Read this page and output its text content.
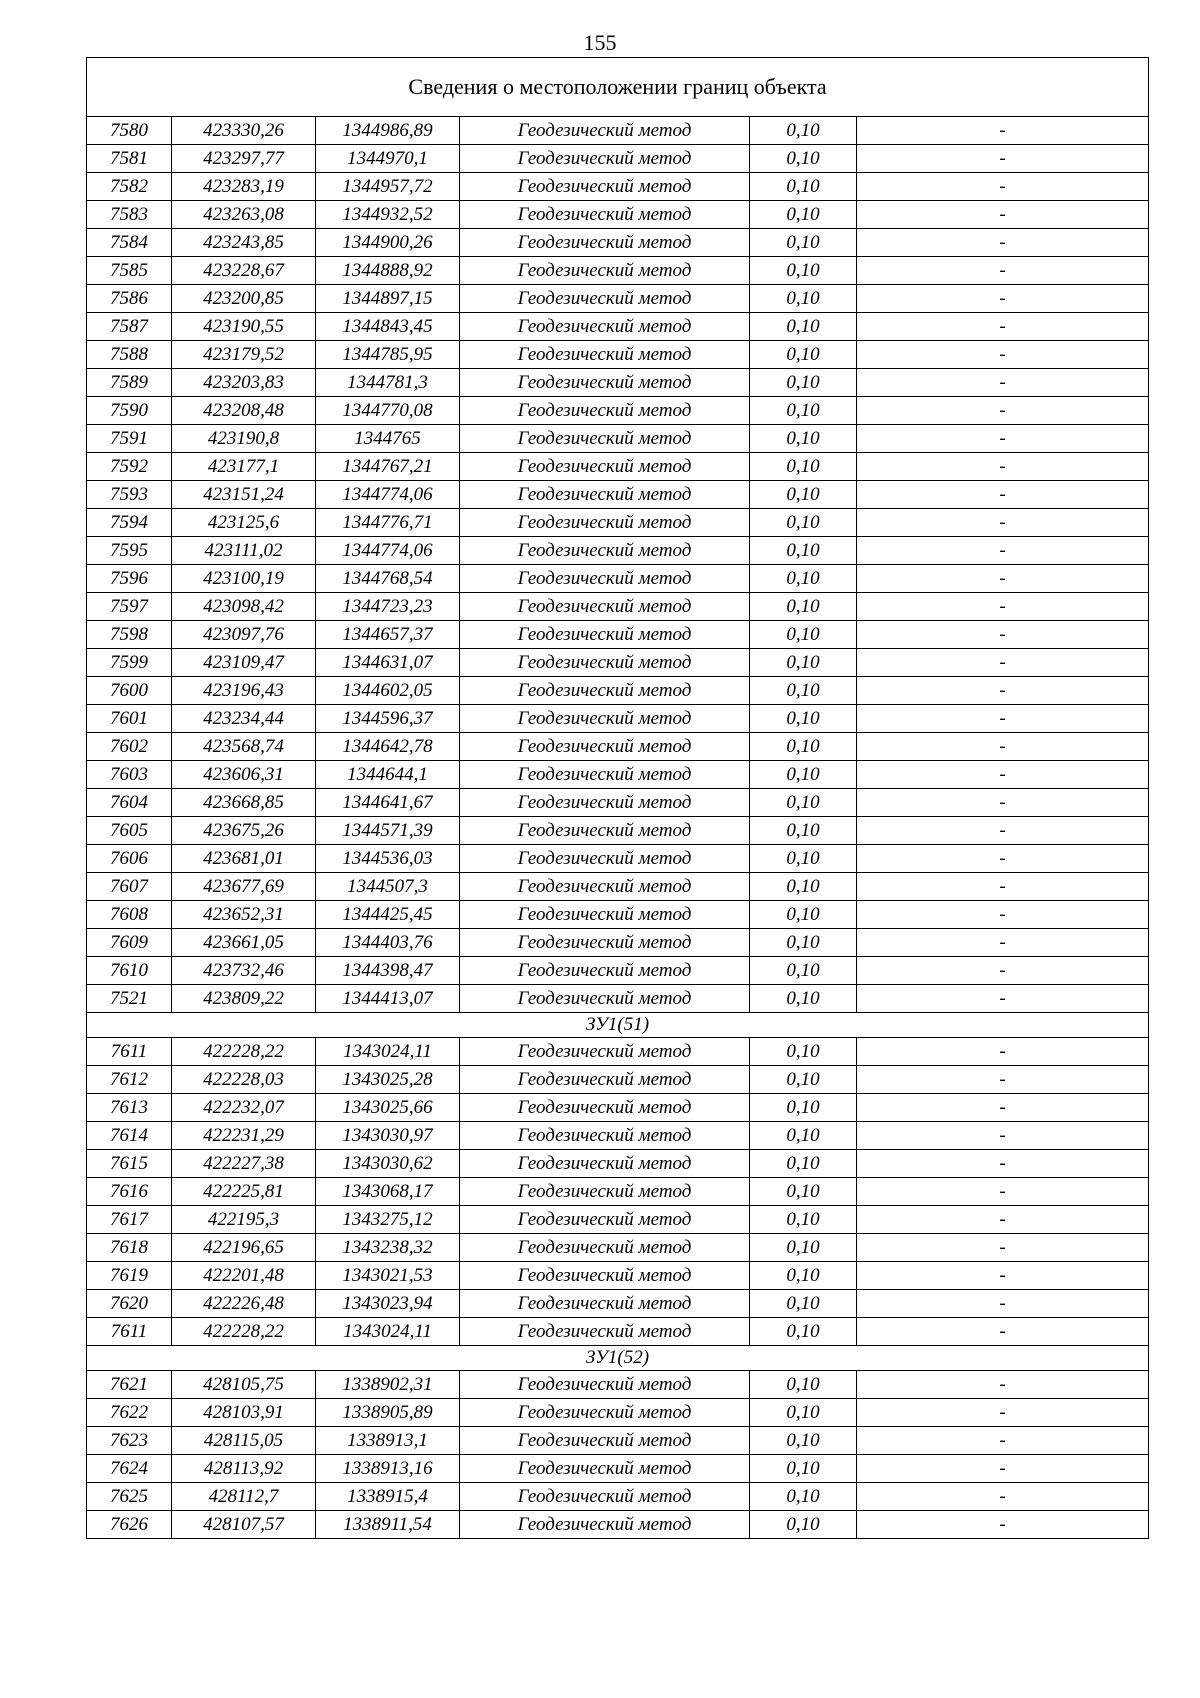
155
Сведения о местоположении границ объекта					
7580	423330,26	1344986,89	Геодезический метод	0,10	-
7581	423297,77	1344970,1	Геодезический метод	0,10	-
7582	423283,19	1344957,72	Геодезический метод	0,10	-
7583	423263,08	1344932,52	Геодезический метод	0,10	-
7584	423243,85	1344900,26	Геодезический метод	0,10	-
7585	423228,67	1344888,92	Геодезический метод	0,10	-
7586	423200,85	1344897,15	Геодезический метод	0,10	-
7587	423190,55	1344843,45	Геодезический метод	0,10	-
7588	423179,52	1344785,95	Геодезический метод	0,10	-
7589	423203,83	1344781,3	Геодезический метод	0,10	-
7590	423208,48	1344770,08	Геодезический метод	0,10	-
7591	423190,8	1344765	Геодезический метод	0,10	-
7592	423177,1	1344767,21	Геодезический метод	0,10	-
7593	423151,24	1344774,06	Геодезический метод	0,10	-
7594	423125,6	1344776,71	Геодезический метод	0,10	-
7595	423111,02	1344774,06	Геодезический метод	0,10	-
7596	423100,19	1344768,54	Геодезический метод	0,10	-
7597	423098,42	1344723,23	Геодезический метод	0,10	-
7598	423097,76	1344657,37	Геодезический метод	0,10	-
7599	423109,47	1344631,07	Геодезический метод	0,10	-
7600	423196,43	1344602,05	Геодезический метод	0,10	-
7601	423234,44	1344596,37	Геодезический метод	0,10	-
7602	423568,74	1344642,78	Геодезический метод	0,10	-
7603	423606,31	1344644,1	Геодезический метод	0,10	-
7604	423668,85	1344641,67	Геодезический метод	0,10	-
7605	423675,26	1344571,39	Геодезический метод	0,10	-
7606	423681,01	1344536,03	Геодезический метод	0,10	-
7607	423677,69	1344507,3	Геодезический метод	0,10	-
7608	423652,31	1344425,45	Геодезический метод	0,10	-
7609	423661,05	1344403,76	Геодезический метод	0,10	-
7610	423732,46	1344398,47	Геодезический метод	0,10	-
7521	423809,22	1344413,07	Геодезический метод	0,10	-
ЗУ1(51)					
7611	422228,22	1343024,11	Геодезический метод	0,10	-
7612	422228,03	1343025,28	Геодезический метод	0,10	-
7613	422232,07	1343025,66	Геодезический метод	0,10	-
7614	422231,29	1343030,97	Геодезический метод	0,10	-
7615	422227,38	1343030,62	Геодезический метод	0,10	-
7616	422225,81	1343068,17	Геодезический метод	0,10	-
7617	422195,3	1343275,12	Геодезический метод	0,10	-
7618	422196,65	1343238,32	Геодезический метод	0,10	-
7619	422201,48	1343021,53	Геодезический метод	0,10	-
7620	422226,48	1343023,94	Геодезический метод	0,10	-
7611	422228,22	1343024,11	Геодезический метод	0,10	-
ЗУ1(52)					
7621	428105,75	1338902,31	Геодезический метод	0,10	-
7622	428103,91	1338905,89	Геодезический метод	0,10	-
7623	428115,05	1338913,1	Геодезический метод	0,10	-
7624	428113,92	1338913,16	Геодезический метод	0,10	-
7625	428112,7	1338915,4	Геодезический метод	0,10	-
7626	428107,57	1338911,54	Геодезический метод	0,10	-
